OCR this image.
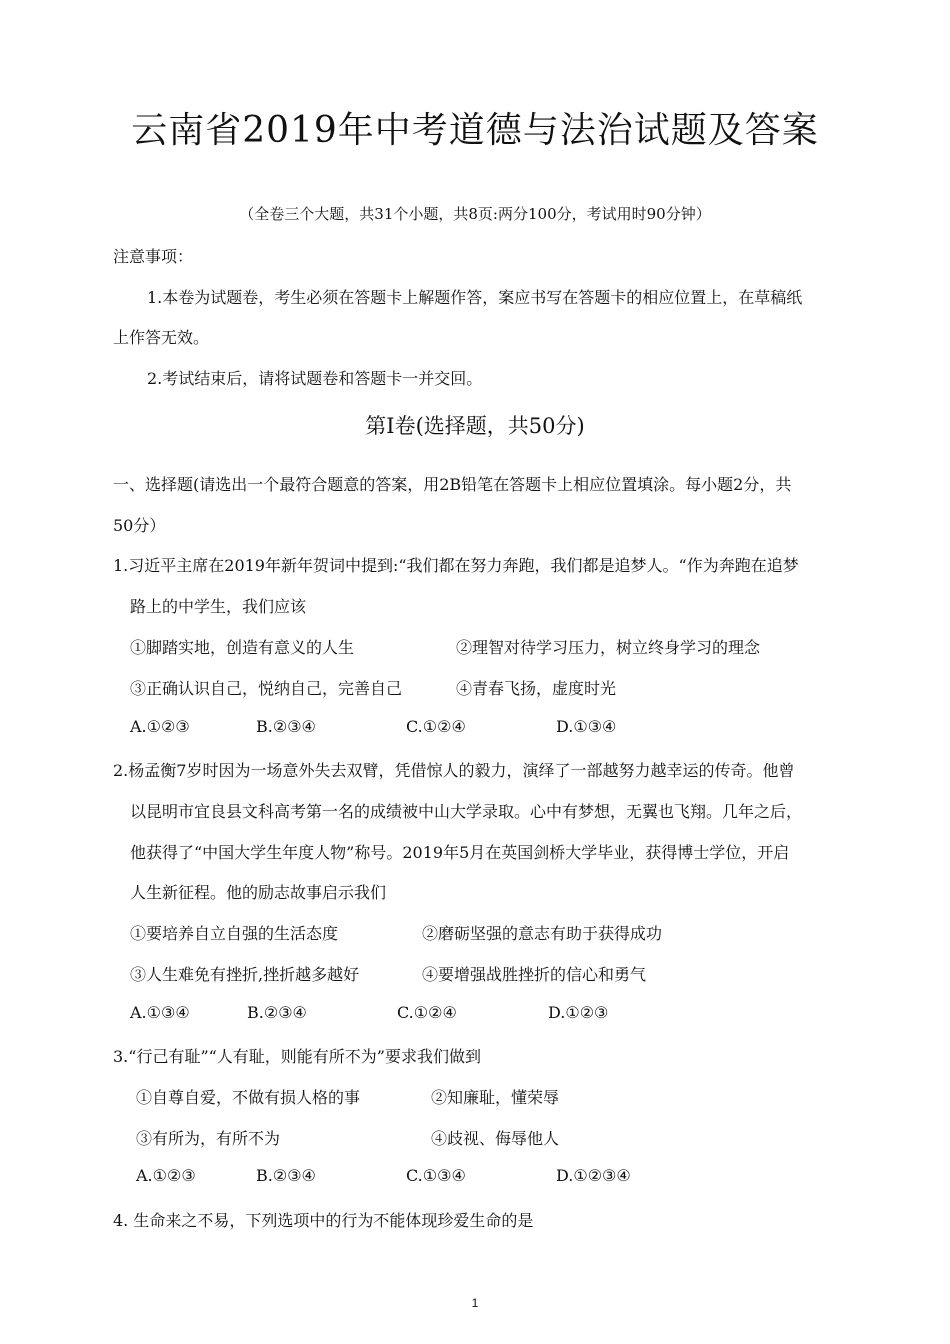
云南省2019年中考道德与法治试题及答案
（全卷三个大题，共31个小题，共8页:两分100分，考试用时90分钟）
注意事项：
1.本卷为试题卷，考生必须在答题卡上解题作答，案应书写在答题卡的相应位置上，在草稿纸
上作答无效。
2.考试结束后，请将试题卷和答题卡一并交回。
第Ⅰ卷(选择题，共50分)
一、选择题(请选出一个最符合题意的答案，用2B铅笔在答题卡上相应位置填涂。每小题2分，共
50分）
1.习近平主席在2019年新年贺词中提到:“我们都在努力奔跑，我们都是追梦人。“作为奔跑在追梦
路上的中学生，我们应该
①脚踏实地，创造有意义的人生	②理智对待学习压力，树立终身学习的理念
③正确认识自己，悦纳自己，完善自己	④青春飞扬，虚度时光
A.①②③	B.②③④	C.①②④	D.①③④
2.杨孟衡7岁时因为一场意外失去双臂，凭借惊人的毅力，演绎了一部越努力越幸运的传奇。他曾
以昆明市宜良县文科高考第一名的成绩被中山大学录取。心中有梦想，无翼也飞翔。几年之后，
他获得了“中国大学生年度人物”称号。2019年5月在英国剑桥大学毕业，获得博士学位，开启
人生新征程。他的励志故事启示我们
①要培养自立自强的生活态度	②磨砺坚强的意志有助于获得成功
③人生难免有挫折,挫折越多越好	④要增强战胜挫折的信心和勇气
A.①③④	B.②③④	C.①②④	D.①②③
3.“行己有耻”“人有耻，则能有所不为”要求我们做到
①自尊自爱，不做有损人格的事	②知廉耻，懂荣辱
③有所为，有所不为	④歧视、侮辱他人
A.①②③	B.②③④	C.①③④	D.①②③④
4. 生命来之不易，下列选项中的行为不能体现珍爱生命的是
1
